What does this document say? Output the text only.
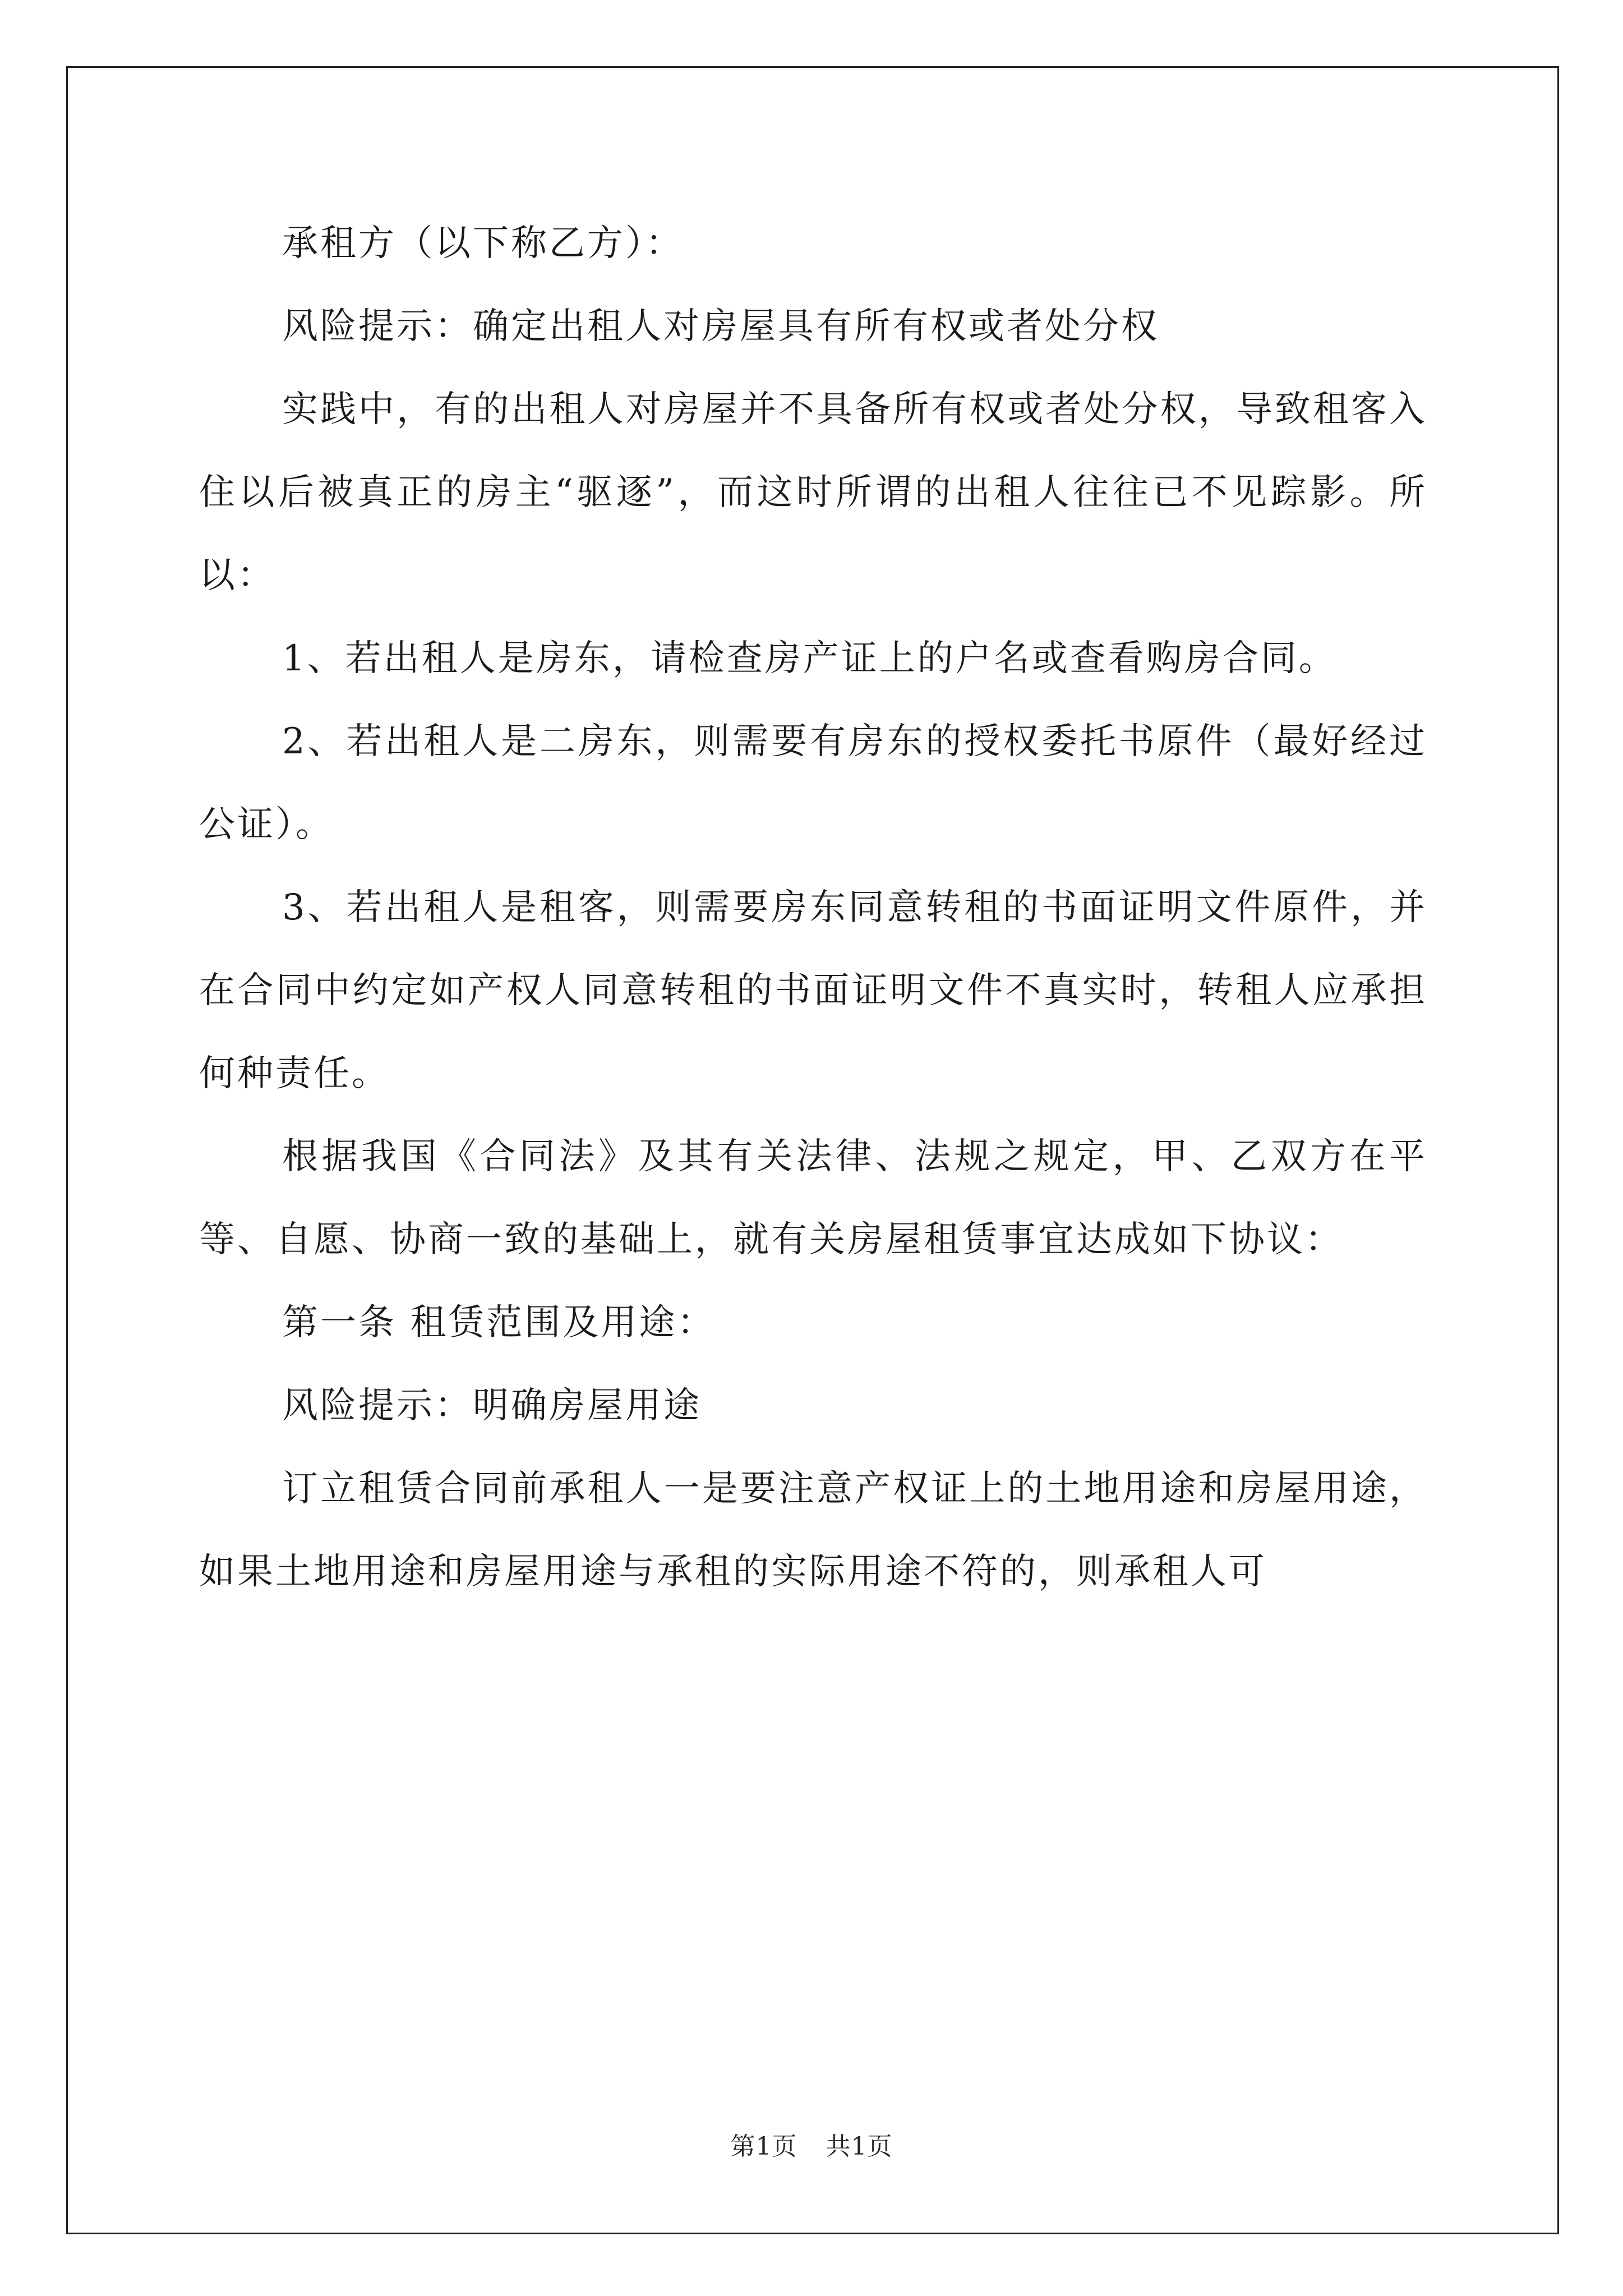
承租方（以下称乙方）：

风险提示：确定出租人对房屋具有所有权或者处分权

实践中，有的出租人对房屋并不具备所有权或者处分权，导致租客入住以后被真正的房主“驱逐”，而这时所谓的出租人往往已不见踪影。所以：

1、若出租人是房东，请检查房产证上的户名或查看购房合同。

2、若出租人是二房东，则需要有房东的授权委托书原件（最好经过公证）。

3、若出租人是租客，则需要房东同意转租的书面证明文件原件，并在合同中约定如产权人同意转租的书面证明文件不真实时，转租人应承担何种责任。

根据我国《合同法》及其有关法律、法规之规定，甲、乙双方在平等、自愿、协商一致的基础上，就有关房屋租赁事宜达成如下协议：

第一条 租赁范围及用途：

风险提示：明确房屋用途

订立租赁合同前承租人一是要注意产权证上的土地用途和房屋用途，如果土地用途和房屋用途与承租的实际用途不符的，则承租人可

第1页 共1页
